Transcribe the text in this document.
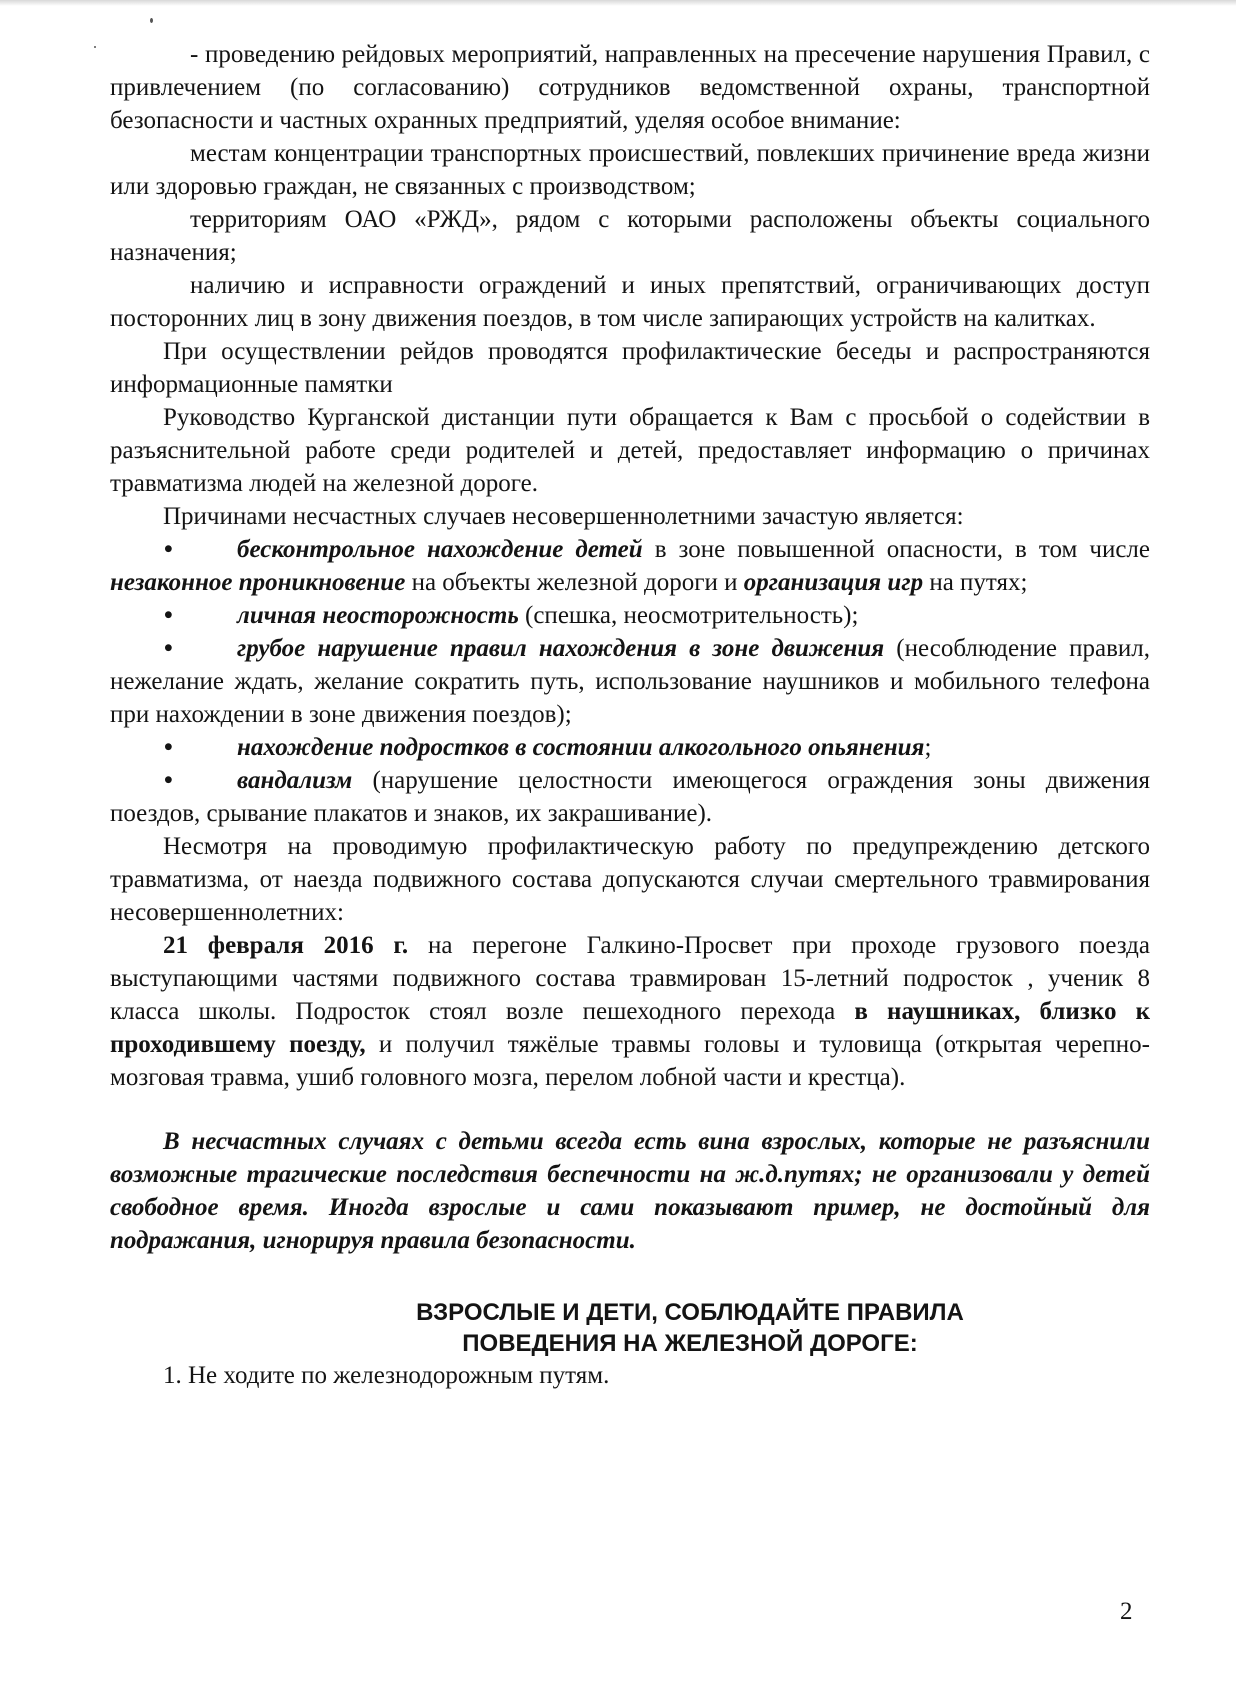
- проведению рейдовых мероприятий, направленных на пресечение нарушения Правил, с привлечением (по согласованию) сотрудников ведомственной охраны, транспортной безопасности и частных охранных предприятий, уделяя особое внимание:

местам концентрации транспортных происшествий, повлекших причинение вреда жизни или здоровью граждан, не связанных с производством;

территориям ОАО «РЖД», рядом с которыми расположены объекты социального назначения;

наличию и исправности ограждений и иных препятствий, ограничивающих доступ посторонних лиц в зону движения поездов, в том числе запирающих устройств на калитках.

При осуществлении рейдов проводятся профилактические беседы и распространяются информационные памятки

Руководство Курганской дистанции пути обращается к Вам с просьбой о содействии в разъяснительной работе среди родителей и детей, предоставляет информацию о причинах травматизма людей на железной дороге.

Причинами несчастных случаев несовершеннолетними зачастую является:

•	бесконтрольное нахождение детей в зоне повышенной опасности, в том числе незаконное проникновение на объекты железной дороги и организация игр на путях;

•	личная неосторожность (спешка, неосмотрительность);

•	грубое нарушение правил нахождения в зоне движения (несоблюдение правил, нежелание ждать, желание сократить путь, использование наушников и мобильного телефона при нахождении в зоне движения поездов);

•	нахождение подростков в состоянии алкогольного опьянения;

•	вандализм (нарушение целостности имеющегося ограждения зоны движения поездов, срывание плакатов и знаков, их закрашивание).

Несмотря на проводимую профилактическую работу по предупреждению детского травматизма, от наезда подвижного состава допускаются случаи смертельного травмирования несовершеннолетних:

21 февраля 2016 г. на перегоне Галкино-Просвет при проходе грузового поезда выступающими частями подвижного состава травмирован 15-летний подросток , ученик 8 класса школы. Подросток стоял возле пешеходного перехода в наушниках, близко к проходившему поезду, и получил тяжёлые травмы головы и туловища (открытая черепно-мозговая травма, ушиб головного мозга, перелом лобной части и крестца).

В несчастных случаях с детьми всегда есть вина взрослых, которые не разъяснили возможные трагические последствия беспечности на ж.д.путях; не организовали у детей свободное время. Иногда взрослые и сами показывают пример, не достойный для подражания, игнорируя правила безопасности.

ВЗРОСЛЫЕ И ДЕТИ, СОБЛЮДАЙТЕ ПРАВИЛА
ПОВЕДЕНИЯ НА ЖЕЛЕЗНОЙ ДОРОГЕ:

1. Не ходите по железнодорожным путям.

2
